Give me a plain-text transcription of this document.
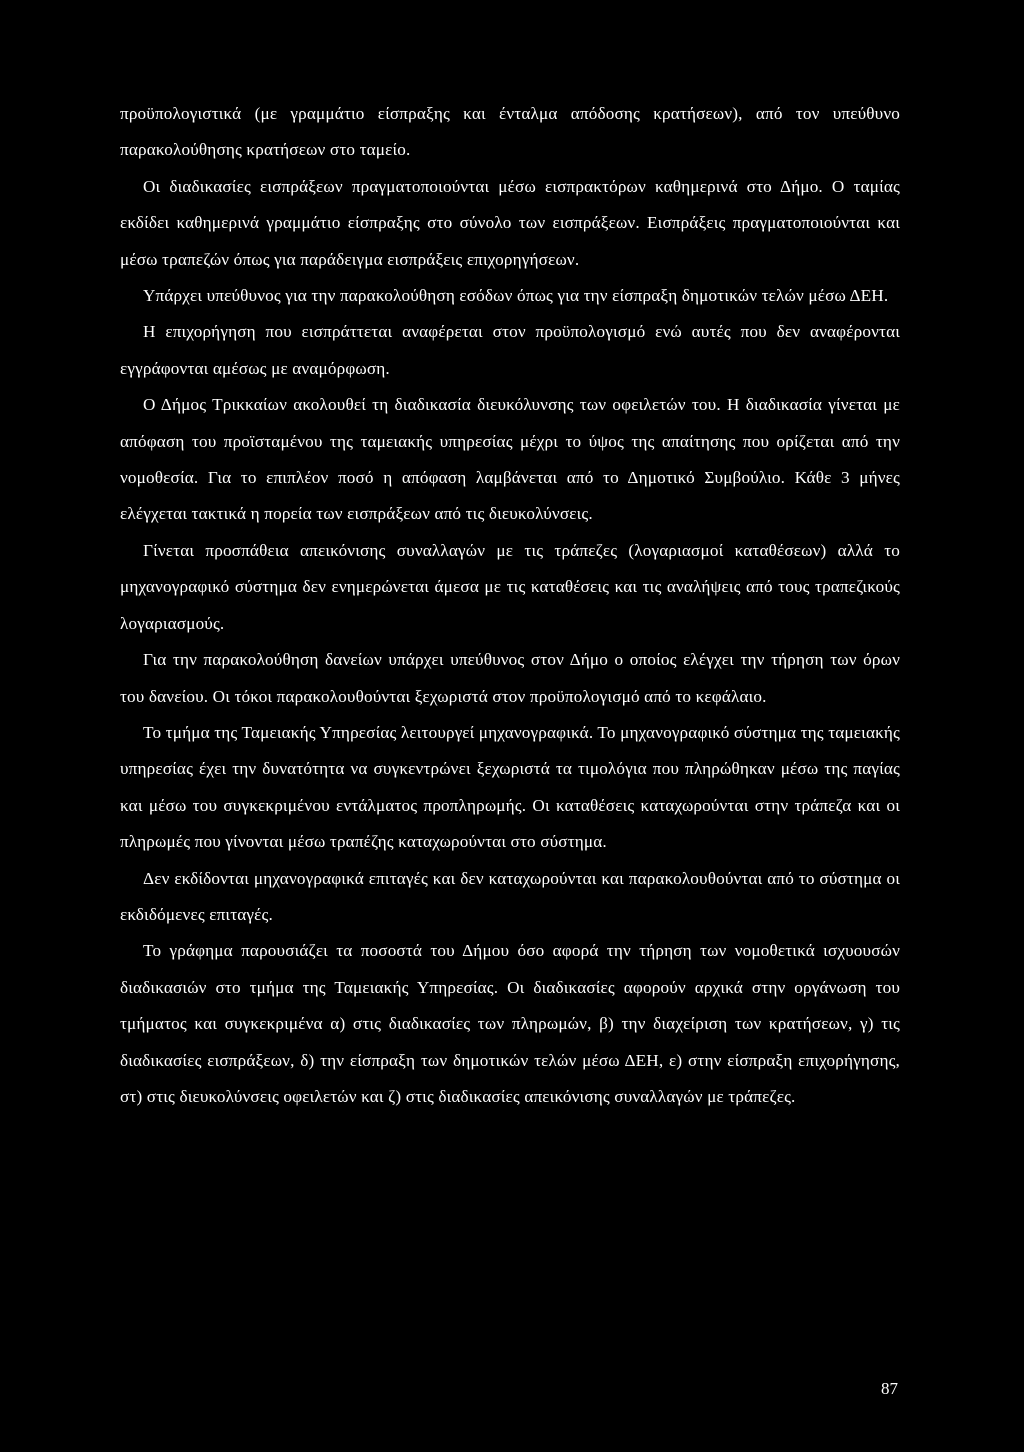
προϋπολογιστικά (με γραμμάτιο είσπραξης και ένταλμα απόδοσης κρατήσεων), από τον υπεύθυνο παρακολούθησης κρατήσεων στο ταμείο.

Οι διαδικασίες εισπράξεων πραγματοποιούνται μέσω εισπρακτόρων καθημερινά στο Δήμο. Ο ταμίας εκδίδει καθημερινά γραμμάτιο είσπραξης στο σύνολο των εισπράξεων. Εισπράξεις πραγματοποιούνται και μέσω τραπεζών όπως για παράδειγμα εισπράξεις επιχορηγήσεων.

Υπάρχει υπεύθυνος για την παρακολούθηση εσόδων όπως για την είσπραξη δημοτικών τελών μέσω ΔΕΗ.

Η επιχορήγηση που εισπράττεται αναφέρεται στον προϋπολογισμό ενώ αυτές που δεν αναφέρονται εγγράφονται αμέσως με αναμόρφωση.

Ο Δήμος Τρικκαίων ακολουθεί τη διαδικασία διευκόλυνσης των οφειλετών του. Η διαδικασία γίνεται με απόφαση του προϊσταμένου της ταμειακής υπηρεσίας μέχρι το ύψος της απαίτησης που ορίζεται από την νομοθεσία. Για το επιπλέον ποσό η απόφαση λαμβάνεται από το Δημοτικό Συμβούλιο. Κάθε 3 μήνες ελέγχεται τακτικά η πορεία των εισπράξεων από τις διευκολύνσεις.

Γίνεται προσπάθεια απεικόνισης συναλλαγών με τις τράπεζες (λογαριασμοί καταθέσεων) αλλά το μηχανογραφικό σύστημα δεν ενημερώνεται άμεσα με τις καταθέσεις και τις αναλήψεις από τους τραπεζικούς λογαριασμούς.

Για την παρακολούθηση δανείων υπάρχει υπεύθυνος στον Δήμο ο οποίος ελέγχει την τήρηση των όρων του δανείου. Οι τόκοι παρακολουθούνται ξεχωριστά στον προϋπολογισμό από το κεφάλαιο.

Το τμήμα της Ταμειακής Υπηρεσίας λειτουργεί μηχανογραφικά. Το μηχανογραφικό σύστημα της ταμειακής υπηρεσίας έχει την δυνατότητα να συγκεντρώνει ξεχωριστά τα τιμολόγια που πληρώθηκαν μέσω της παγίας και μέσω του συγκεκριμένου εντάλματος προπληρωμής. Οι καταθέσεις καταχωρούνται στην τράπεζα και οι πληρωμές που γίνονται μέσω τραπέζης καταχωρούνται στο σύστημα.

Δεν εκδίδονται μηχανογραφικά επιταγές και δεν καταχωρούνται και παρακολουθούνται από το σύστημα οι εκδιδόμενες επιταγές.

Το γράφημα παρουσιάζει τα ποσοστά του Δήμου όσο αφορά την τήρηση των νομοθετικά ισχυουσών διαδικασιών στο τμήμα της Ταμειακής Υπηρεσίας. Οι διαδικασίες αφορούν αρχικά στην οργάνωση του τμήματος και συγκεκριμένα α) στις διαδικασίες των πληρωμών, β) την διαχείριση των κρατήσεων, γ) τις διαδικασίες εισπράξεων, δ) την είσπραξη των δημοτικών τελών μέσω ΔΕΗ, ε) στην είσπραξη επιχορήγησης, στ) στις διευκολύνσεις οφειλετών και ζ) στις διαδικασίες απεικόνισης συναλλαγών με τράπεζες.

87
